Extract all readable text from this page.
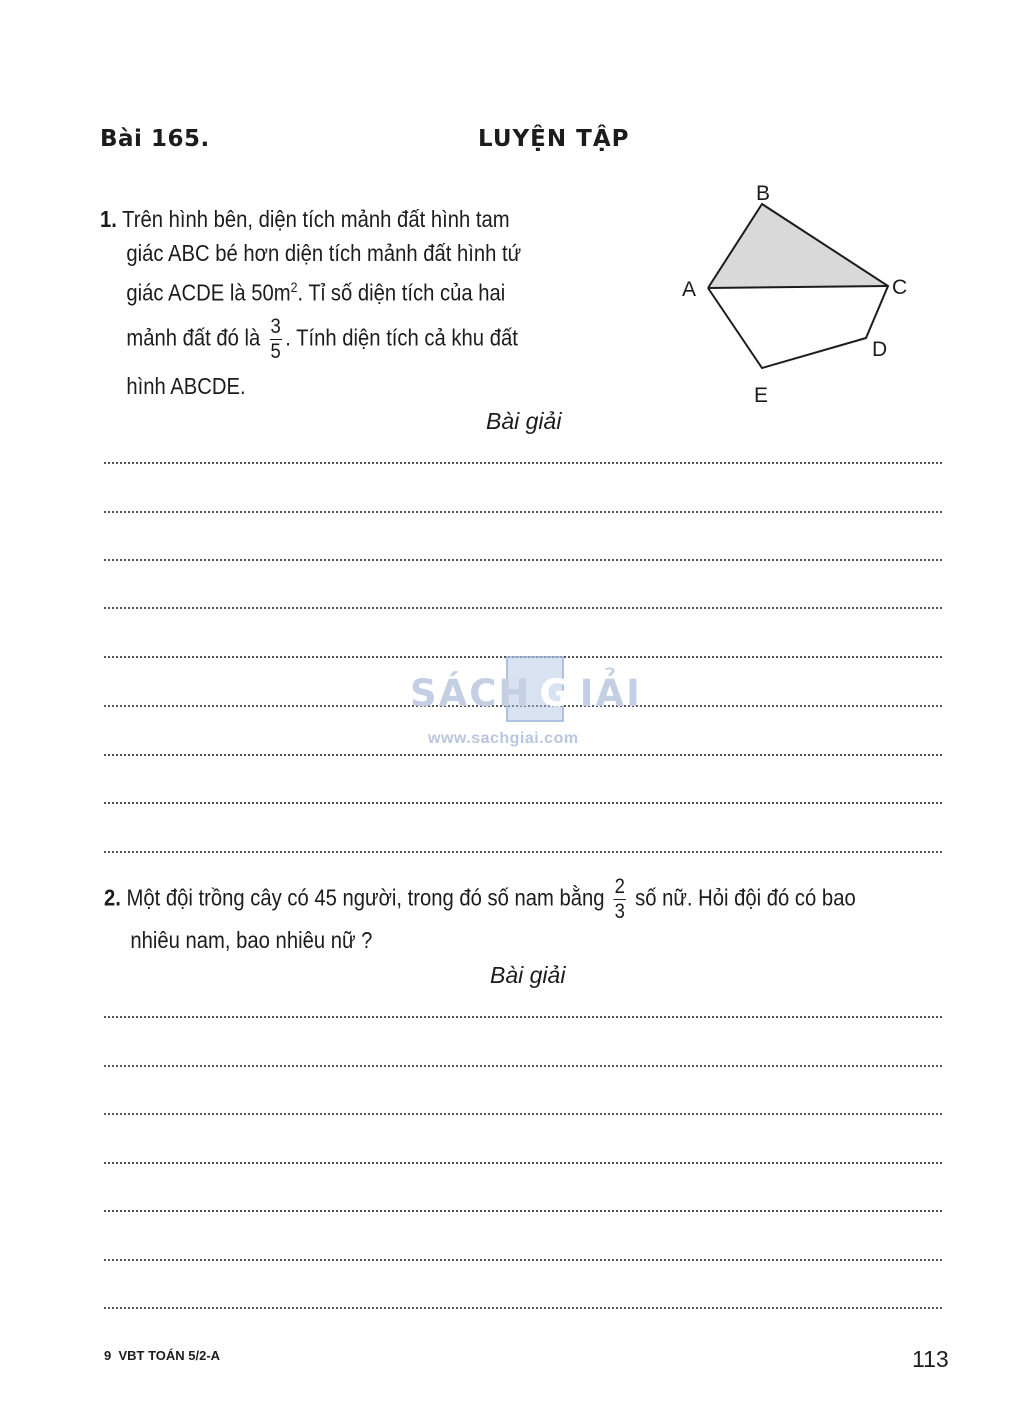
Bài 165.	LUYỆN TẬP
1. Trên hình bên, diện tích mảnh đất hình tam
giác ABC bé hơn diện tích mảnh đất hình tứ
giác ACDE là $50m^2$. Tỉ số diện tích của hai
mảnh đất đó là $\frac{3}{5}$ . Tính diện tích cả khu đất
hình ABCDE.
B
A	C
D
E
Bài giải
SÁCH G IẢI
www.sachgiai.com
2. Một đội trồng cây có 45 người, trong đó số nam bằng $\frac{2}{3}$ số nữ. Hỏi đội đó có bao
nhiêu nam, bao nhiêu nữ ?
Bài giải
9  VBT TOÁN 5/2-A	113
